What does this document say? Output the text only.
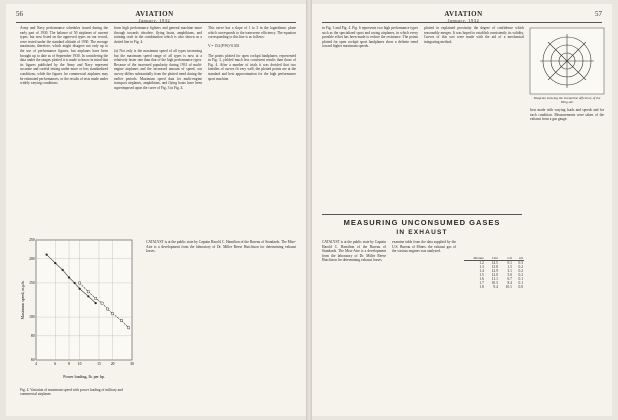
56	AVIATION
January, 1932
Army and Navy performance schedules issued during the early part of 1930. The balance of 50 airplanes of current types, but now listed on the approved types on our record, were tested under the standard altitude of 1930. The average maximum, therefore, which might disagree not only up to the use of performance figures, but airplanes have been brought up to date as of September 1930. In considering the data under the ranges plotted it is made to know in mind that its figures published by the Army and Navy represent accurate and careful testing under more or less standardized conditions, while the figures for commercial airplanes may be estimated performances, or the results of tests made under widely varying conditions.
from high performance fighters and general machine more through towards obsolete, flying boats, amphibians, and training craft in the combination which is also shown as a dotted line in Fig. 4.

(a) Not only is the maximum speed of all types increasing but the maximum speed range of all types is now at a relatively faster rate than that of the high performance types. Because of the increased popularity during 1931 of multi-engine airplanes and the increased amount of speed, our survey differs substantially from the plotted trend during the earlier periods. Maximum speed data for multi-engine transport airplanes, amphibians, and flying boats have been superimposed upon the curve of Fig. 3 in Fig. 4.
This curve has a slope of 1 to 3 in the logarithmic plane which corresponds to the transverse efficiency. The equation corresponding to this line is as follows:

V = 154 (P/W)^0.303

The points plotted for open cockpit landplanes, represented in Fig. 3, yielded much less consistent results than those of Fig. 4. After a number of trials it was decided that two families of curves fit very well; the plotted points are at the standard and best approximation for the high performance sport machine.
4	6	8 10	15	20	30
60
80
100
150
200
250
Power loading, lb. per hp.
Maximum speed, m.p.h.
Fig. 4. Variation of maximum speed with power loading of military and commercial airplanes
CATALYST is at the public state by Captain Harold C. Hamilton of the Bureau of Standards. The Mise-Aire is a development from the laboratory of Dr. Miller Reese Hutchison for determining exhaust losses.
AVIATION
January, 1932
57
in Fig. 3 and Fig. 4. Fig. 6 represents two high performance types such as the specialized sport and racing airplanes, in which every possible effort has been made to reduce the resistance. The points plotted for open cockpit sport landplanes show a definite trend toward higher maximum speeds.
plotted in explained proximity the degree of confidence which reasonably merges. It was hoped to establish consistently its validity. Curves of this sort were made with the aid of a mechanical integrating method.
how made with varying loads and speeds and for each condition. Measurements were taken of the exhaust from a gas gauge.
Diagram showing the streamline efficiency of the Wing-Air
MEASURING UNCONSUMED GASES
IN EXHAUST
CATALYST is at the public state by Captain Harold C. Hamilton of the Bureau of Standards. The Mise-Aire is a development from the laboratory of Dr. Miller Reese Hutchison for determining exhaust losses.
examine table from the data supplied by the U.S. Bureau of Mines: the exhaust gas of the various engines was analyzed.
Mixture	CO2	CO	O2
1.2	14.5	0.1	0.3
1.3	13.8	1.5	0.2
1.4	12.9	3.1	0.2
1.5	12.0	5.0	0.2
1.6	11.1	6.7	0.1
1.7	10.3	8.4	0.1
1.8	9.4	10.1	0.0
